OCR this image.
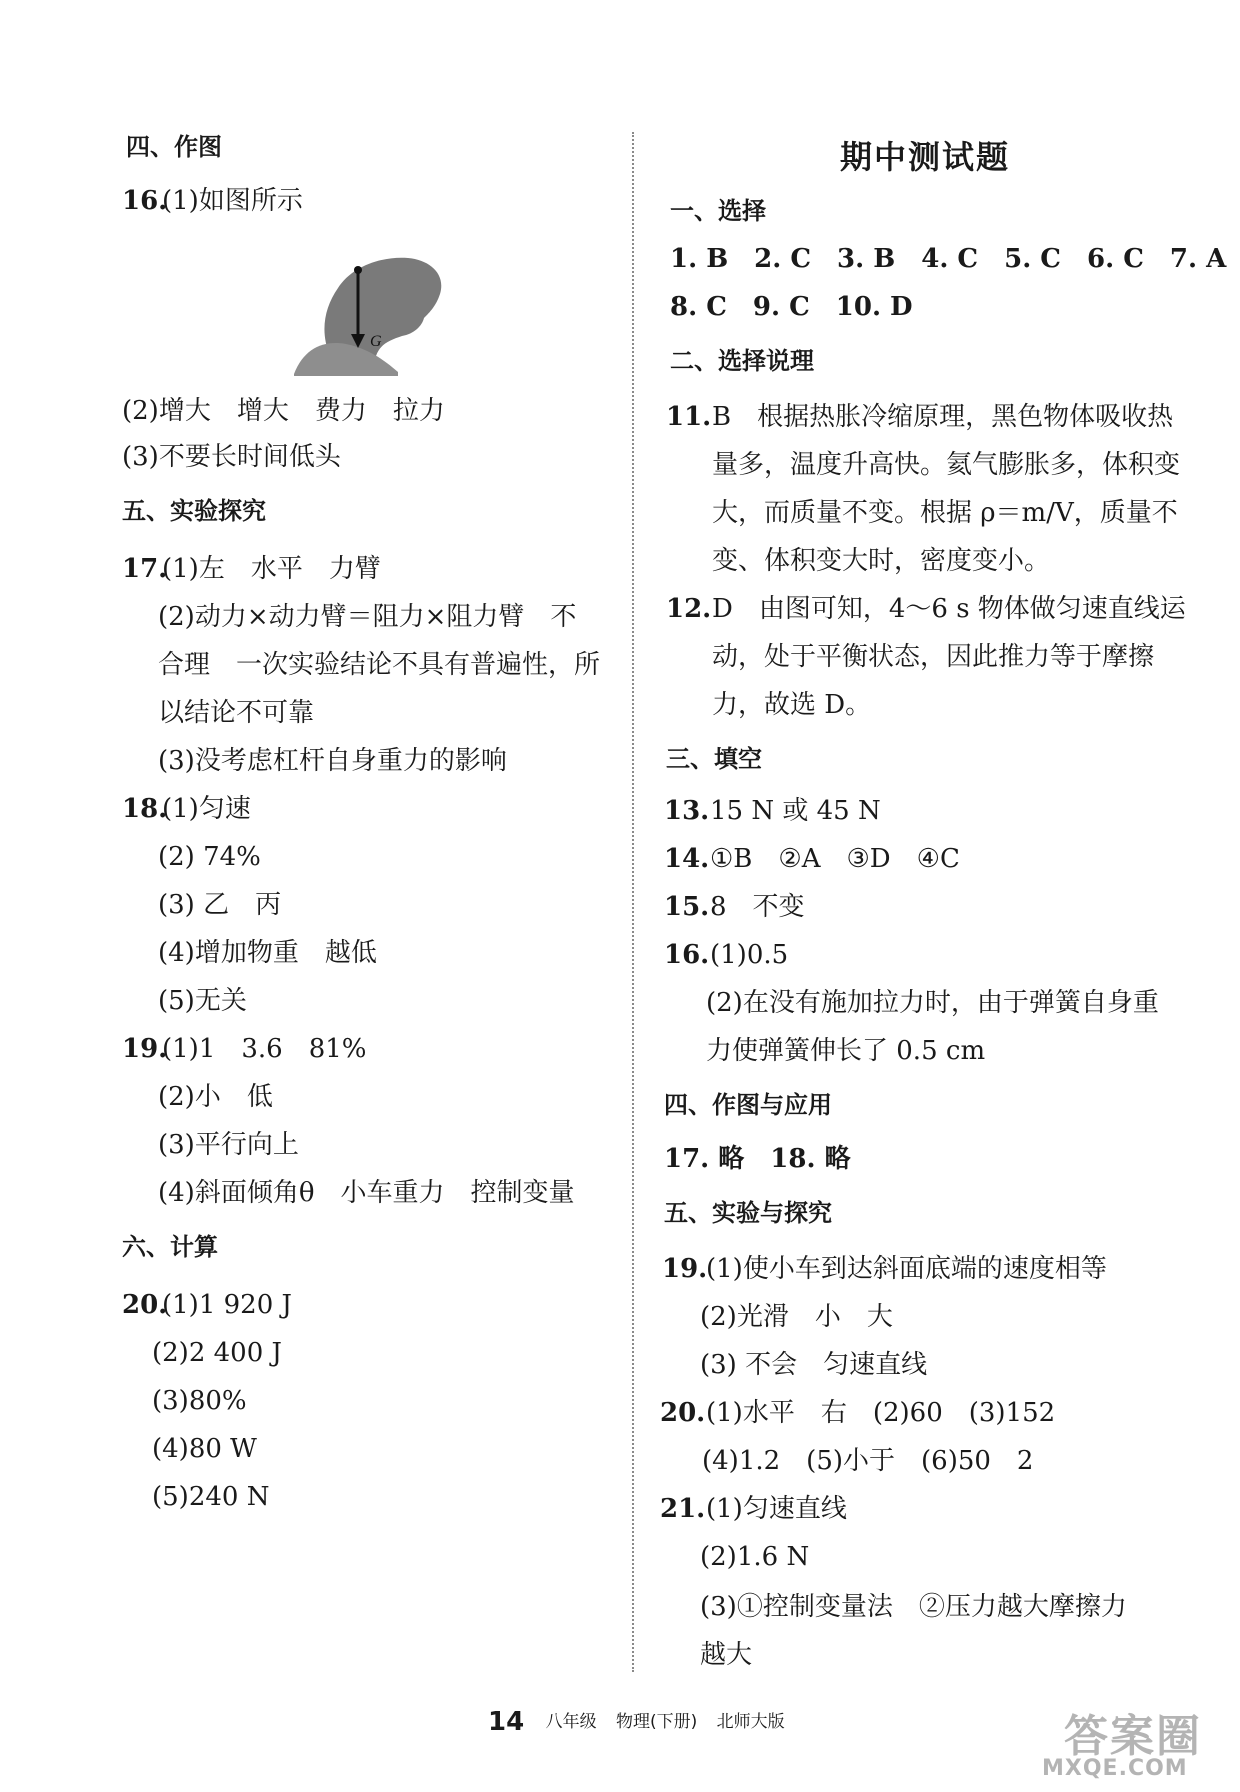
四、作图
16.
(1)如图所示
G
(2)增大　增大　费力　拉力
(3)不要长时间低头
五、实验探究
17.
(1)左　水平　力臂
(2)动力×动力臂＝阻力×阻力臂　不
合理　一次实验结论不具有普遍性，所
以结论不可靠
(3)没考虑杠杆自身重力的影响
18.
(1)匀速
(2) 74%
(3) 乙　丙
(4)增加物重　越低
(5)无关
19.
(1)1　3.6　81%
(2)小　低
(3)平行向上
(4)斜面倾角θ　小车重力　控制变量
六、计算
20.
(1)1 920 J
(2)2 400 J
(3)80%
(4)80 W
(5)240 N
期中测试题
一、选择
1. B　2. C　3. B　4. C　5. C　6. C　7. A
8. C　9. C　10. D
二、选择说理
11. B　根据热胀冷缩原理，黑色物体吸收热
量多，温度升高快。氦气膨胀多，体积变
大，而质量不变。根据 ρ＝m/V，质量不
变、体积变大时，密度变小。
12. D　由图可知，4～6 s 物体做匀速直线运
动，处于平衡状态，因此推力等于摩擦
力，故选 D。
三、填空
13. 15 N 或 45 N
14. ①B　②A　③D　④C
15. 8　不变
16. (1)0.5
(2)在没有施加拉力时，由于弹簧自身重
力使弹簧伸长了 0.5 cm
四、作图与应用
17. 略　18. 略
五、实验与探究
19.
(1)使小车到达斜面底端的速度相等
(2)光滑　小　大
(3) 不会　匀速直线
20. (1)水平　右　(2)60　(3)152
(4)1.2　(5)小于　(6)50　2
21. (1)匀速直线
(2)1.6 N
(3)①控制变量法　②压力越大摩擦力
越大
14 八年级 物理(下册) 北师大版	答案圈
MXQE.COM
